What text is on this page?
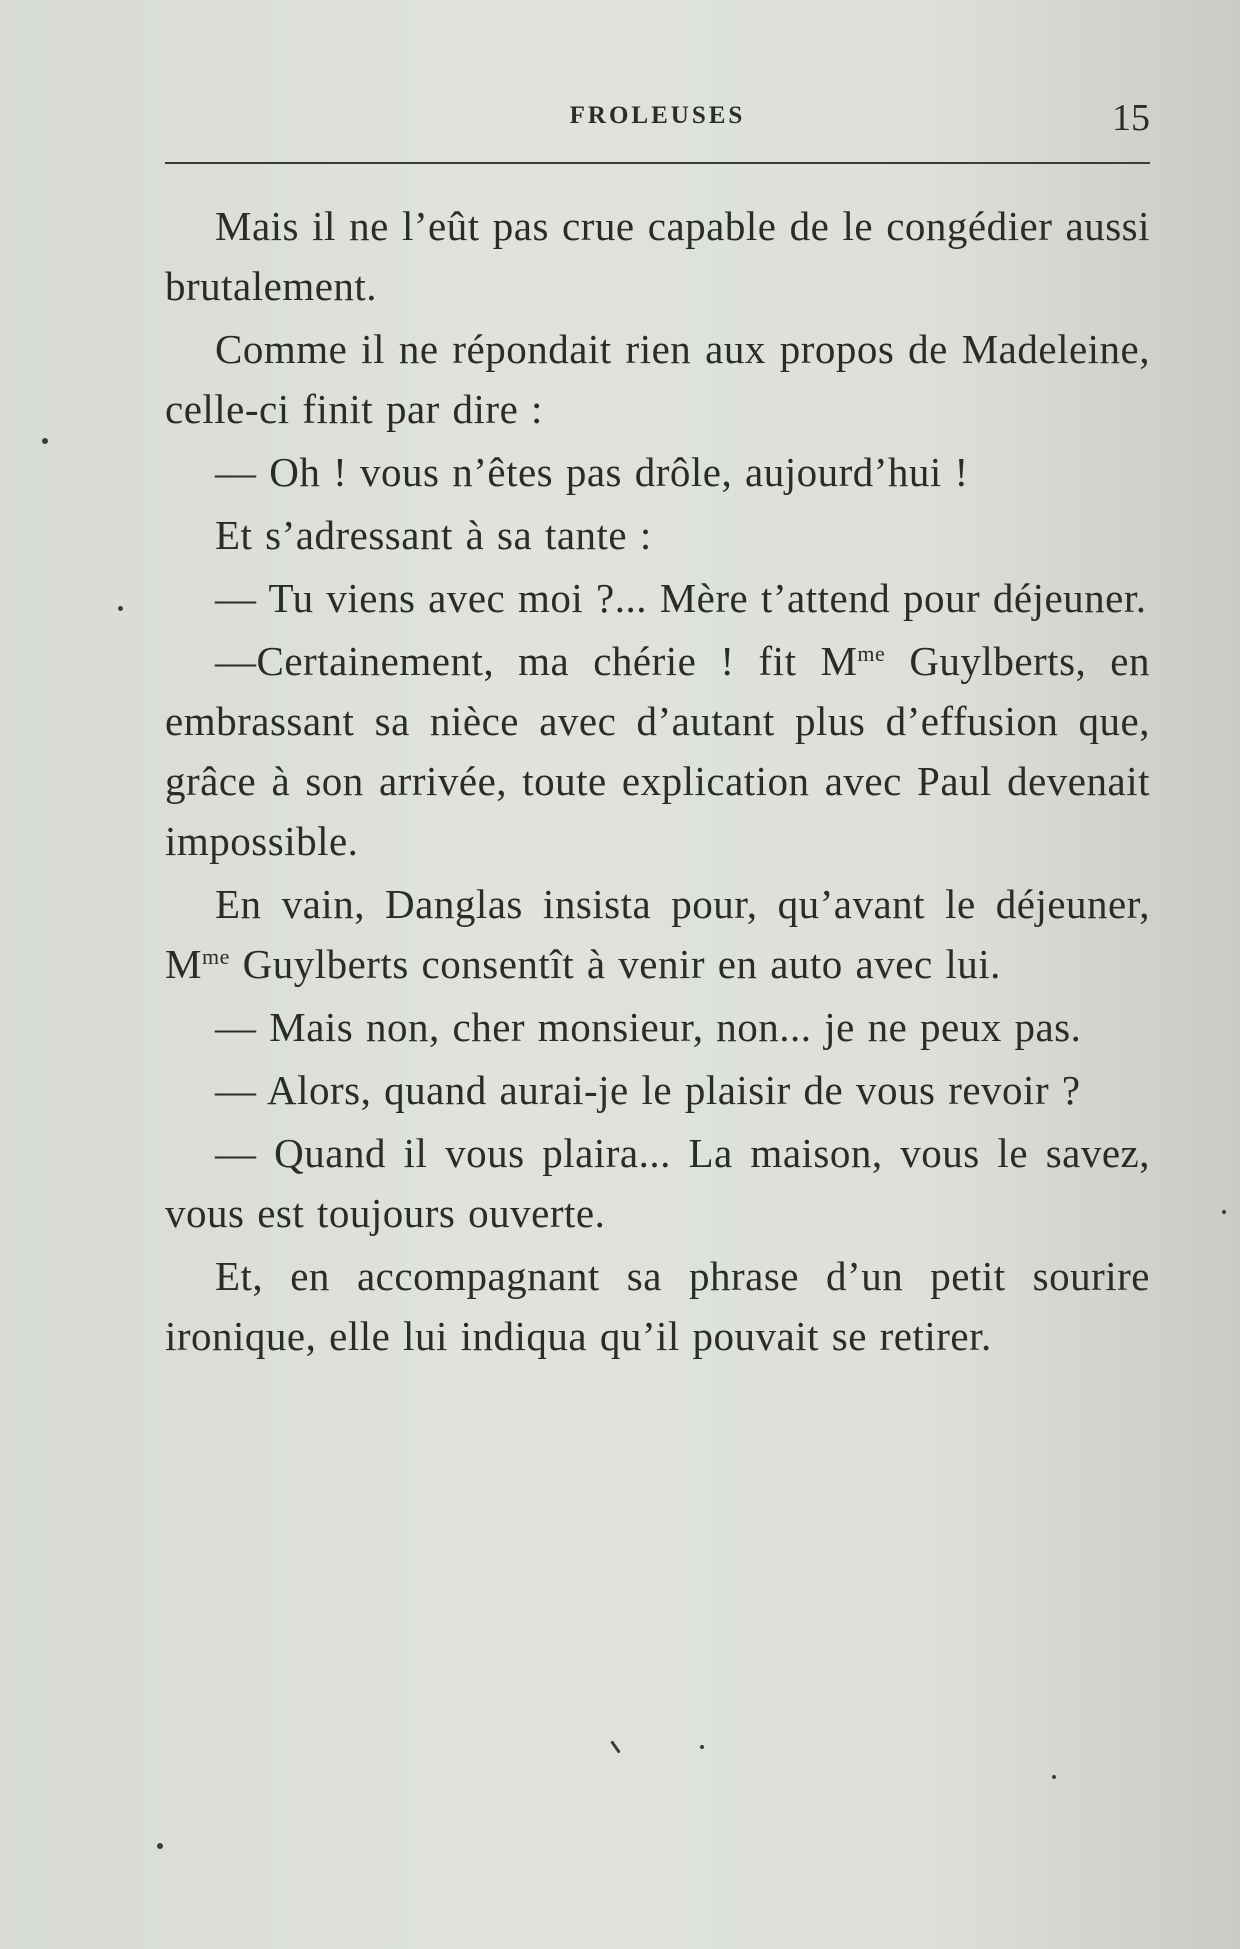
FROLEUSES	15

Mais il ne l’eût pas crue capable de le congédier aussi brutalement.

Comme il ne répondait rien aux propos de Madeleine, celle-ci finit par dire :

— Oh ! vous n’êtes pas drôle, aujourd’hui !

Et s’adressant à sa tante :

— Tu viens avec moi ?... Mère t’attend pour déjeuner.

—Certainement, ma chérie ! fit $M^{me}$ Guylberts, en embrassant sa nièce avec d’autant plus d’effusion que, grâce à son arrivée, toute explication avec Paul devenait impossible.

En vain, Danglas insista pour, qu’avant le déjeuner, $M^{me}$ Guylberts consentît à venir en auto avec lui.

— Mais non, cher monsieur, non... je ne peux pas.

— Alors, quand aurai-je le plaisir de vous revoir ?

— Quand il vous plaira... La maison, vous le savez, vous est toujours ouverte.

Et, en accompagnant sa phrase d’un petit sourire ironique, elle lui indiqua qu’il pouvait se retirer.
